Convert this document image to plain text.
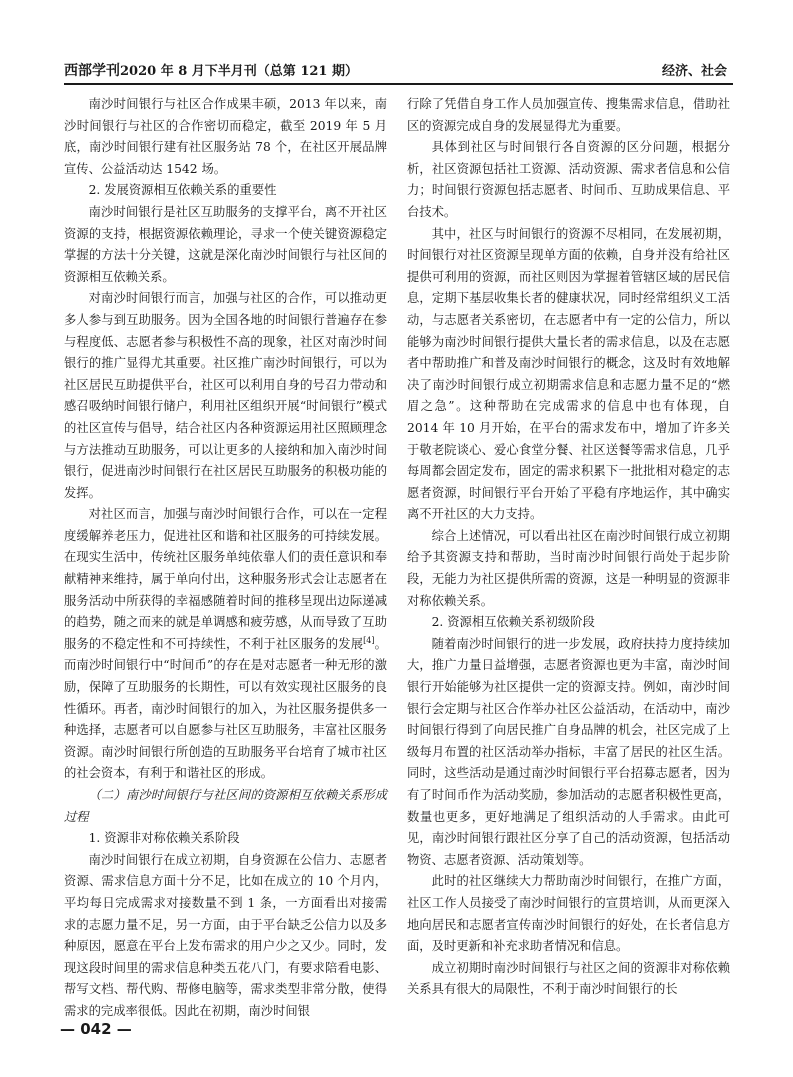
西部学刊2020 年 8 月下半月刊（总第 121 期）	经济、社会

南沙时间银行与社区合作成果丰硕，2013 年以来，南沙时间银行与社区的合作密切而稳定，截至 2019 年 5 月底，南沙时间银行建有社区服务站 78 个，在社区开展品牌宣传、公益活动达 1542 场。

2. 发展资源相互依赖关系的重要性

南沙时间银行是社区互助服务的支撑平台，离不开社区资源的支持，根据资源依赖理论，寻求一个使关键资源稳定掌握的方法十分关键，这就是深化南沙时间银行与社区间的资源相互依赖关系。

对南沙时间银行而言，加强与社区的合作，可以推动更多人参与到互助服务。因为全国各地的时间银行普遍存在参与程度低、志愿者参与积极性不高的现象，社区对南沙时间银行的推广显得尤其重要。社区推广南沙时间银行，可以为社区居民互助提供平台，社区可以利用自身的号召力带动和感召吸纳时间银行储户，利用社区组织开展“时间银行”模式的社区宣传与倡导，结合社区内各种资源运用社区照顾理念与方法推动互助服务，可以让更多的人接纳和加入南沙时间银行，促进南沙时间银行在社区居民互助服务的积极功能的发挥。

对社区而言，加强与南沙时间银行合作，可以在一定程度缓解养老压力，促进社区和谐和社区服务的可持续发展。在现实生活中，传统社区服务单纯依靠人们的责任意识和奉献精神来维持，属于单向付出，这种服务形式会让志愿者在服务活动中所获得的幸福感随着时间的推移呈现出边际递减的趋势，随之而来的就是单调感和疲劳感，从而导致了互助服务的不稳定性和不可持续性，不利于社区服务的发展[4]。而南沙时间银行中“时间币”的存在是对志愿者一种无形的激励，保障了互助服务的长期性，可以有效实现社区服务的良性循环。再者，南沙时间银行的加入，为社区服务提供多一种选择，志愿者可以自愿参与社区互助服务，丰富社区服务资源。南沙时间银行所创造的互助服务平台培育了城市社区的社会资本，有利于和谐社区的形成。

（二）南沙时间银行与社区间的资源相互依赖关系形成过程

1. 资源非对称依赖关系阶段

南沙时间银行在成立初期，自身资源在公信力、志愿者资源、需求信息方面十分不足，比如在成立的 10 个月内，平均每日完成需求对接数量不到 1 条，一方面看出对接需求的志愿力量不足，另一方面，由于平台缺乏公信力以及多种原因，愿意在平台上发布需求的用户少之又少。同时，发现这段时间里的需求信息种类五花八门，有要求陪看电影、帮写文档、帮代购、帮修电脑等，需求类型非常分散，使得需求的完成率很低。因此在初期，南沙时间银

行除了凭借自身工作人员加强宣传、搜集需求信息，借助社区的资源完成自身的发展显得尤为重要。

具体到社区与时间银行各自资源的区分问题，根据分析，社区资源包括社工资源、活动资源、需求者信息和公信力；时间银行资源包括志愿者、时间币、互助成果信息、平台技术。

其中，社区与时间银行的资源不尽相同，在发展初期，时间银行对社区资源呈现单方面的依赖，自身并没有给社区提供可利用的资源，而社区则因为掌握着管辖区域的居民信息，定期下基层收集长者的健康状况，同时经常组织义工活动，与志愿者关系密切，在志愿者中有一定的公信力，所以能够为南沙时间银行提供大量长者的需求信息，以及在志愿者中帮助推广和普及南沙时间银行的概念，这及时有效地解决了南沙时间银行成立初期需求信息和志愿力量不足的“燃眉之急”。这种帮助在完成需求的信息中也有体现，自 2014 年 10 月开始，在平台的需求发布中，增加了许多关于敬老院谈心、爱心食堂分餐、社区送餐等需求信息，几乎每周都会固定发布，固定的需求积累下一批批相对稳定的志愿者资源，时间银行平台开始了平稳有序地运作，其中确实离不开社区的大力支持。

综合上述情况，可以看出社区在南沙时间银行成立初期给予其资源支持和帮助，当时南沙时间银行尚处于起步阶段，无能力为社区提供所需的资源，这是一种明显的资源非对称依赖关系。

2. 资源相互依赖关系初级阶段

随着南沙时间银行的进一步发展，政府扶持力度持续加大，推广力量日益增强，志愿者资源也更为丰富，南沙时间银行开始能够为社区提供一定的资源支持。例如，南沙时间银行会定期与社区合作举办社区公益活动，在活动中，南沙时间银行得到了向居民推广自身品牌的机会，社区完成了上级每月布置的社区活动举办指标，丰富了居民的社区生活。同时，这些活动是通过南沙时间银行平台招募志愿者，因为有了时间币作为活动奖励，参加活动的志愿者积极性更高，数量也更多，更好地满足了组织活动的人手需求。由此可见，南沙时间银行跟社区分享了自己的活动资源，包括活动物资、志愿者资源、活动策划等。

此时的社区继续大力帮助南沙时间银行，在推广方面，社区工作人员接受了南沙时间银行的宣贯培训，从而更深入地向居民和志愿者宣传南沙时间银行的好处，在长者信息方面，及时更新和补充求助者情况和信息。

成立初期时南沙时间银行与社区之间的资源非对称依赖关系具有很大的局限性，不利于南沙时间银行的长

— 042 —
